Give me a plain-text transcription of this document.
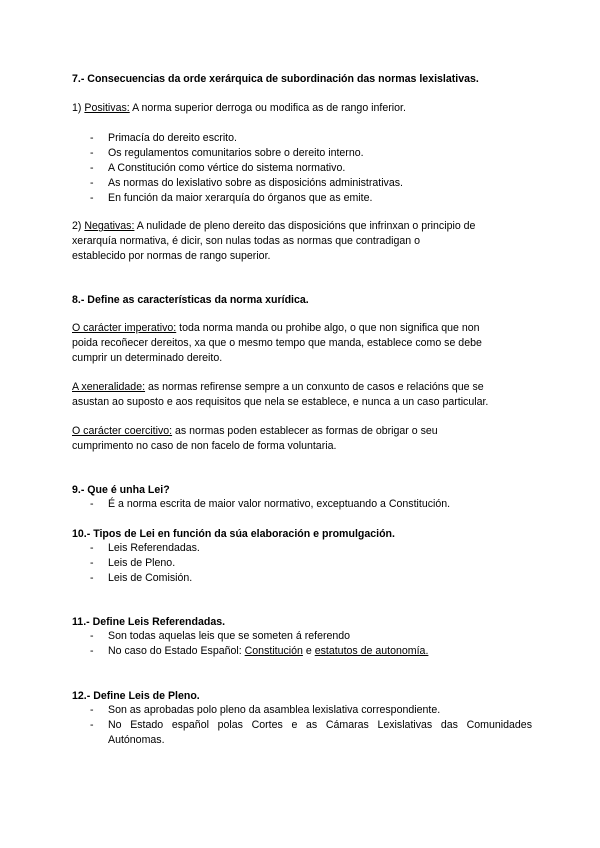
7.- Consecuencias da orde xerárquica de subordinación das normas lexislativas.

1) Positivas: A norma superior derroga ou modifica as de rango inferior.

- Primacía do dereito escrito.
- Os regulamentos comunitarios sobre o dereito interno.
- A Constitución como vértice do sistema normativo.
- As normas do lexislativo sobre as disposicións administrativas.
- En función da maior xerarquía do órganos que as emite.

2) Negativas: A nulidade de pleno dereito das disposicións que infrinxan o principio de

xerarquía normativa, é dicir, son nulas todas as normas que contradigan o

establecido por normas de rango superior.

8.- Define as características da norma xurídica.

O carácter imperativo: toda norma manda ou prohibe algo, o que non significa que non

poida recoñecer dereitos, xa que o mesmo tempo que manda, establece como se debe

cumprir un determinado dereito.

A xeneralidade: as normas refirense sempre a un conxunto de casos e relacións que se

asustan ao suposto e aos requisitos que nela se establece, e nunca a un caso particular.

O carácter coercitivo: as normas poden establecer as formas de obrigar o seu

cumprimento no caso de non facelo de forma voluntaria.

9.- Que é unha Lei?
- É a norma escrita de maior valor normativo, exceptuando a Constitución.
10.- Tipos de Lei en función da súa elaboración e promulgación.
- Leis Referendadas.
- Leis de Pleno.
- Leis de Comisión.
11.- Define Leis Referendadas.
- Son todas aquelas leis que se someten á referendo
- No caso do Estado Español: Constitución e estatutos de autonomía.
12.- Define Leis de Pleno.
- Son as aprobadas polo pleno da asamblea lexislativa correspondiente.
- No Estado español polas Cortes e as Cámaras Lexislativas das Comunidades Autónomas.
